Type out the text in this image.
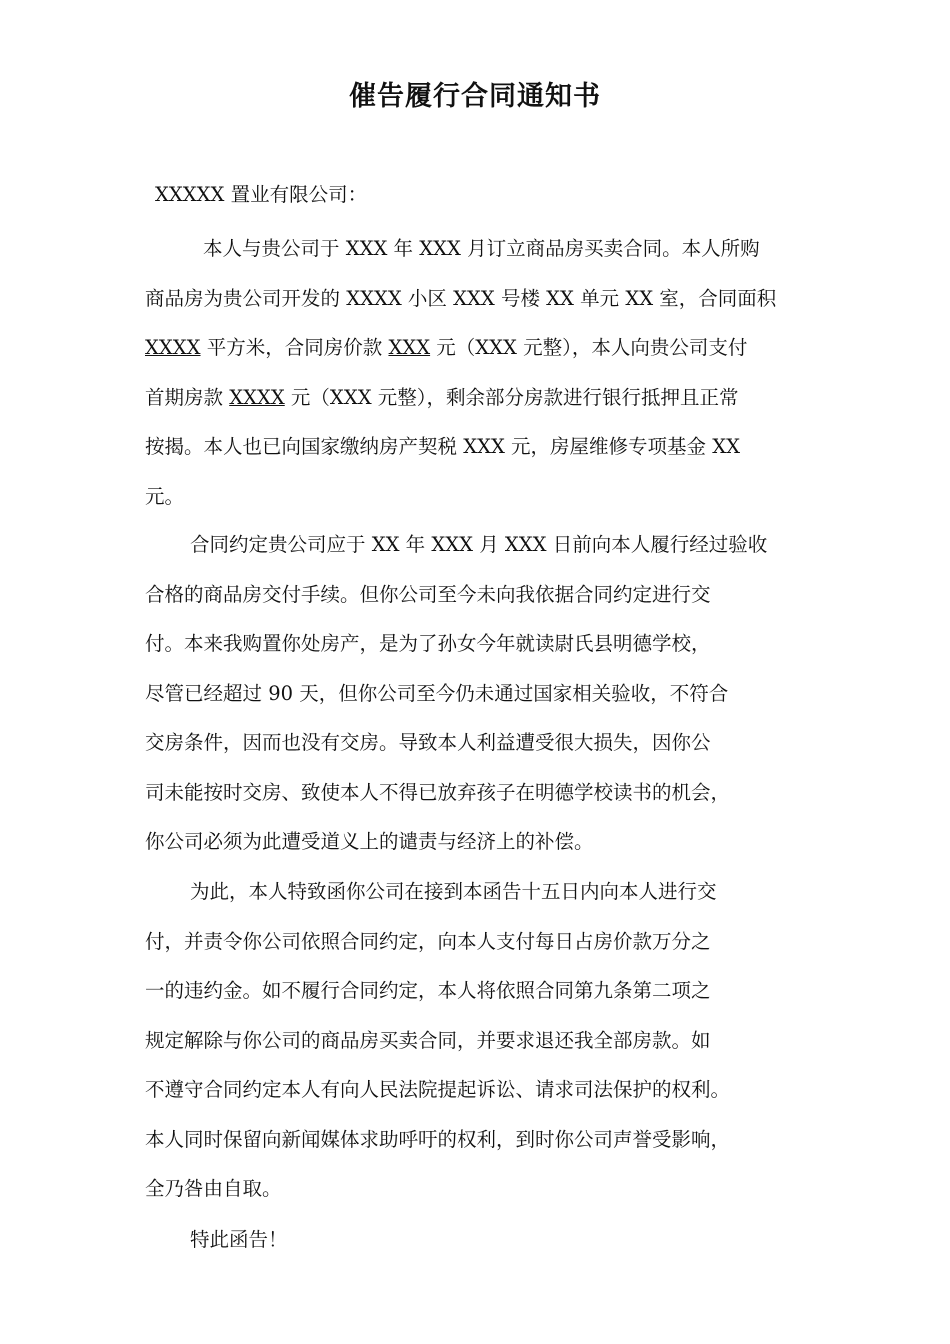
催告履行合同通知书
XXXXX 置业有限公司：
本人与贵公司于 XXX 年 XXX 月订立商品房买卖合同。本人所购
商品房为贵公司开发的 XXXX 小区 XXX 号楼 XX 单元 XX 室，合同面积
XXXX 平方米，合同房价款 XXX 元（XXX 元整），本人向贵公司支付
首期房款 XXXX 元（XXX 元整），剩余部分房款进行银行抵押且正常
按揭。本人也已向国家缴纳房产契税 XXX 元，房屋维修专项基金 XX
元。
合同约定贵公司应于 XX 年 XXX 月 XXX 日前向本人履行经过验收
合格的商品房交付手续。但你公司至今未向我依据合同约定进行交
付。本来我购置你处房产，是为了孙女今年就读尉氏县明德学校，
尽管已经超过 90 天，但你公司至今仍未通过国家相关验收，不符合
交房条件，因而也没有交房。导致本人利益遭受很大损失，因你公
司未能按时交房、致使本人不得已放弃孩子在明德学校读书的机会，
你公司必须为此遭受道义上的谴责与经济上的补偿。
为此，本人特致函你公司在接到本函告十五日内向本人进行交
付，并责令你公司依照合同约定，向本人支付每日占房价款万分之
一的违约金。如不履行合同约定，本人将依照合同第九条第二项之
规定解除与你公司的商品房买卖合同，并要求退还我全部房款。如
不遵守合同约定本人有向人民法院提起诉讼、请求司法保护的权利。
本人同时保留向新闻媒体求助呼吁的权利，到时你公司声誉受影响，
全乃咎由自取。
特此函告！
